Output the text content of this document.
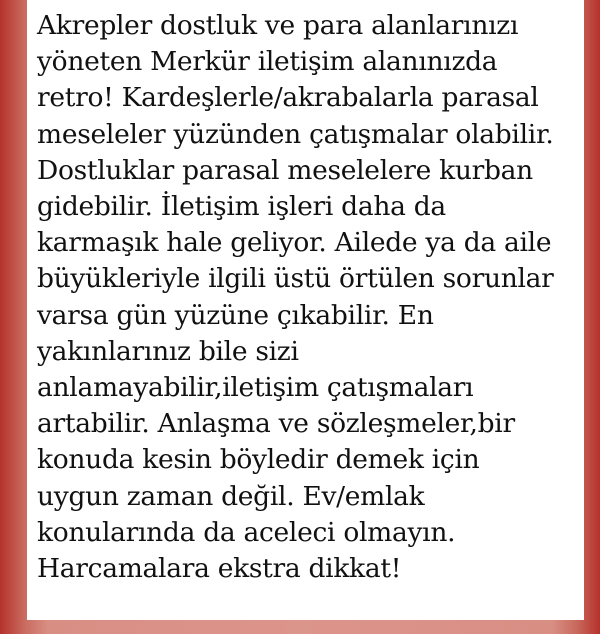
Akrepler dostluk ve para alanlarınızı
yöneten Merkür iletişim alanınızda
retro! Kardeşlerle/akrabalarla parasal
meseleler yüzünden çatışmalar olabilir.
Dostluklar parasal meselelere kurban
gidebilir. İletişim işleri daha da
karmaşık hale geliyor. Ailede ya da aile
büyükleriyle ilgili üstü örtülen sorunlar
varsa gün yüzüne çıkabilir. En
yakınlarınız bile sizi
anlamayabilir,iletişim çatışmaları
artabilir. Anlaşma ve sözleşmeler,bir
konuda kesin böyledir demek için
uygun zaman değil. Ev/emlak
konularında da aceleci olmayın.
Harcamalara ekstra dikkat!
